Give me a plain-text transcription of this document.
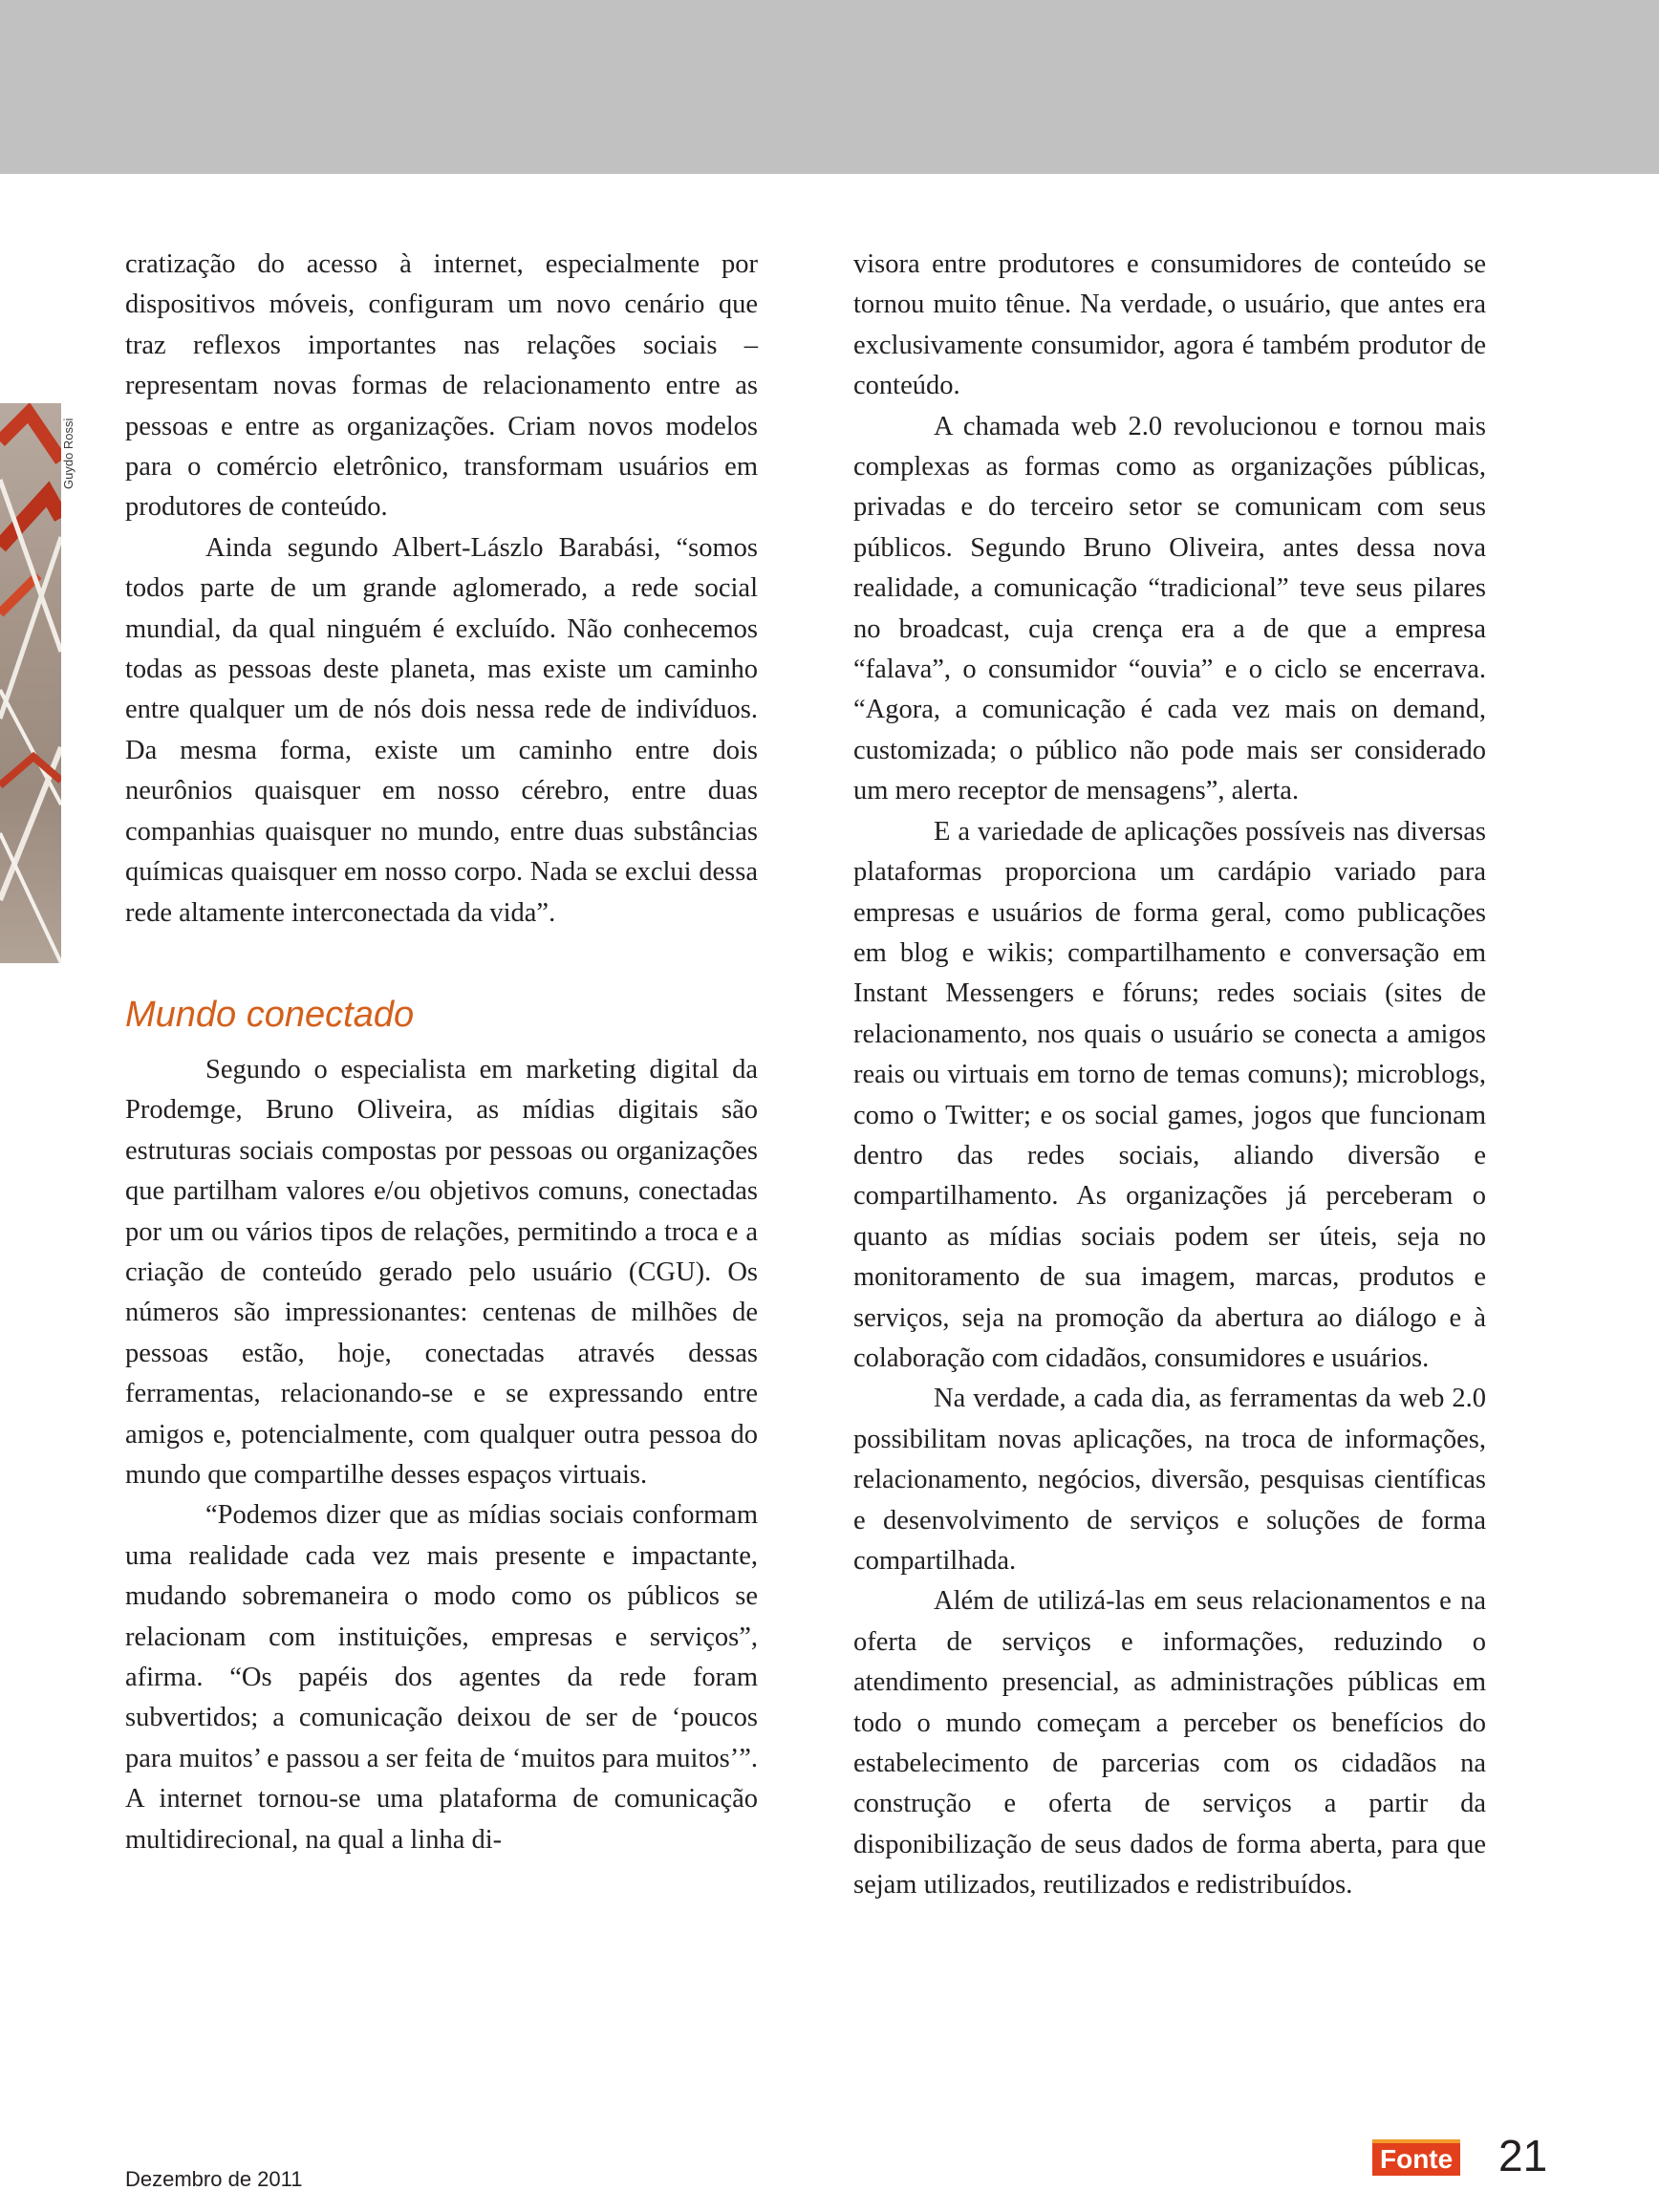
Guydo Rossi

cratização do acesso à internet, especialmente por dispositivos móveis, configuram um novo cenário que traz reflexos importantes nas relações sociais – representam novas formas de relacionamento entre as pessoas e entre as organizações. Criam novos modelos para o comércio eletrônico, transformam usuários em produtores de conteúdo.

Ainda segundo Albert-Lászlo Barabási, “somos todos parte de um grande aglomerado, a rede social mundial, da qual ninguém é excluído. Não conhecemos todas as pessoas deste planeta, mas existe um caminho entre qualquer um de nós dois nessa rede de indivíduos. Da mesma forma, existe um caminho entre dois neurônios quaisquer em nosso cérebro, entre duas companhias quaisquer no mundo, entre duas substâncias químicas quaisquer em nosso corpo. Nada se exclui dessa rede altamente interconectada da vida”.

Mundo conectado

Segundo o especialista em marketing digital da Prodemge, Bruno Oliveira, as mídias digitais são estruturas sociais compostas por pessoas ou organizações que partilham valores e/ou objetivos comuns, conectadas por um ou vários tipos de relações, permitindo a troca e a criação de conteúdo gerado pelo usuário (CGU). Os números são impressionantes: centenas de milhões de pessoas estão, hoje, conectadas através dessas ferramentas, relacionando-se e se expressando entre amigos e, potencialmente, com qualquer outra pessoa do mundo que compartilhe desses espaços virtuais.

“Podemos dizer que as mídias sociais conformam uma realidade cada vez mais presente e impactante, mudando sobremaneira o modo como os públicos se relacionam com instituições, empresas e serviços”, afirma. “Os papéis dos agentes da rede foram subvertidos; a comunicação deixou de ser de ‘poucos para muitos’ e passou a ser feita de ‘muitos para muitos’”. A internet tornou-se uma plataforma de comunicação multidirecional, na qual a linha di-

visora entre produtores e consumidores de conteúdo se tornou muito tênue. Na verdade, o usuário, que antes era exclusivamente consumidor, agora é também produtor de conteúdo.

A chamada web 2.0 revolucionou e tornou mais complexas as formas como as organizações públicas, privadas e do terceiro setor se comunicam com seus públicos. Segundo Bruno Oliveira, antes dessa nova realidade, a comunicação “tradicional” teve seus pilares no broadcast, cuja crença era a de que a empresa “falava”, o consumidor “ouvia” e o ciclo se encerrava. “Agora, a comunicação é cada vez mais on demand, customizada; o público não pode mais ser considerado um mero receptor de mensagens”, alerta.

E a variedade de aplicações possíveis nas diversas plataformas proporciona um cardápio variado para empresas e usuários de forma geral, como publicações em blog e wikis; compartilhamento e conversação em Instant Messengers e fóruns; redes sociais (sites de relacionamento, nos quais o usuário se conecta a amigos reais ou virtuais em torno de temas comuns); microblogs, como o Twitter; e os social games, jogos que funcionam dentro das redes sociais, aliando diversão e compartilhamento. As organizações já perceberam o quanto as mídias sociais podem ser úteis, seja no monitoramento de sua imagem, marcas, produtos e serviços, seja na promoção da abertura ao diálogo e à colaboração com cidadãos, consumidores e usuários.

Na verdade, a cada dia, as ferramentas da web 2.0 possibilitam novas aplicações, na troca de informações, relacionamento, negócios, diversão, pesquisas científicas e desenvolvimento de serviços e soluções de forma compartilhada.

Além de utilizá-las em seus relacionamentos e na oferta de serviços e informações, reduzindo o atendimento presencial, as administrações públicas em todo o mundo começam a perceber os benefícios do estabelecimento de parcerias com os cidadãos na construção e oferta de serviços a partir da disponibilização de seus dados de forma aberta, para que sejam utilizados, reutilizados e redistribuídos.

Dezembro de 2011
Fonte 21
